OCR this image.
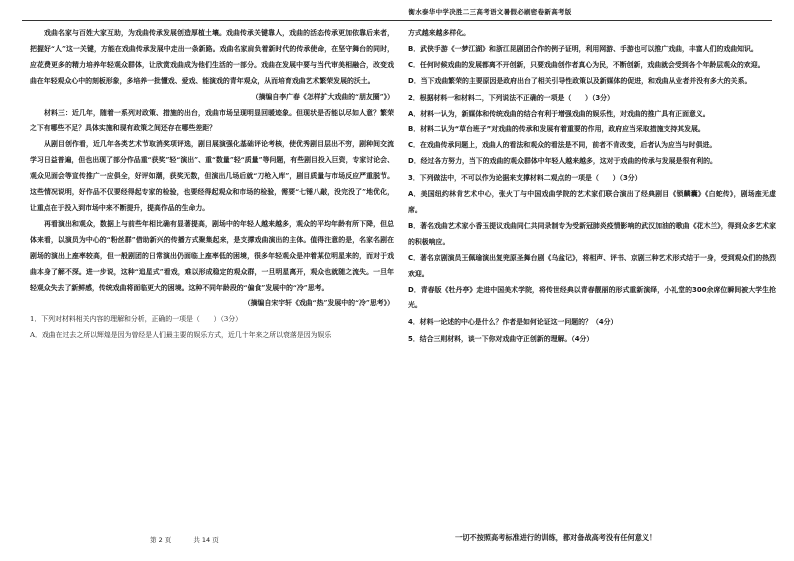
衡水泰华中学决胜二三高考语文暑假必刷密卷新高考版

戏曲名家与百姓大家互助，为戏曲传承发展创造厚植土壤。戏曲传承关键靠人，戏曲的活态传承更加依靠后来者，把握好“人”这一关键，方能在戏曲传承发展中走出一条新路。戏曲名家肩负着新时代的传承使命，在坚守舞台的同时，应花费更多的精力培养年轻观众群体，让欣赏戏曲成为他们生活的一部分。戏曲在发展中要与当代审美相融合，改变戏曲在年轻观众心中的刻板形象，多培养一批懂戏、爱戏、能演戏的青年观众，从而培育戏曲艺术繁荣发展的沃土。

（摘编自李广春《怎样扩大戏曲的“朋友圈”》）

材料三：近几年，随着一系列对政策、措施的出台，戏曲市场呈现明显回暖迹象。但现状是否能以尽如人意？繁荣之下有哪些不足？具体实施和现有政策之间还存在哪些差距？

从剧目创作看，近几年各类艺术节取消奖项评选，剧目展演强化基础评论考核，使优秀剧目层出不穷，剧种间交流学习日益普遍，但也出现了部分作品重“获奖”轻“演出”、重“数量”轻“质量”等问题，有些剧目投入巨资，专家讨论会、观众见面会等宣传推广一应俱全，好评如潮，获奖无数，但演出几场后就“刀枪入库”，剧目质量与市场反应严重脱节。这些情况说明，好作品不仅要经得起专家的检验，也要经得起观众和市场的检验，需要“七锤八敲，没完没了”地优化，让重点在于投入到市场中来不断提升，提高作品的生命力。

再看演出和观众，数据上与前些年相比确有显著提高，剧场中的年轻人越来越多，观众的平均年龄有所下降，但总体来看，以演员为中心的“粉丝群”借助新兴的传播方式聚集起来，是支撑戏曲演出的主体。值得注意的是，名家名剧在剧场的演出上座率较高，但一般剧团的日常演出仍面临上座率低的困境，很多年轻观众是冲着某位明星来的，而对于戏曲本身了解不深。进一步说，这种“追星式”看戏，难以形成稳定的观众群，一旦明星离开，观众也就随之流失。一旦年轻观众失去了新鲜感，传统戏曲将面临更大的困境。这种不同年龄段的“偏食”发展中的“冷”思考。

（摘编自宋宇轩《戏曲“热”发展中的“冷”思考》）

1．下列对材料相关内容的理解和分析，正确的一项是（　　）（3分）

A．戏曲在过去之所以辉煌是因为曾经是人们最主要的娱乐方式，近几十年来之所以衰落是因为娱乐

方式越来越多样化。

B．武侠手游《一梦江湖》和浙江昆剧团合作的例子证明，利用网游、手游也可以推广戏曲，丰富人们的戏曲知识。

C．任何时候戏曲的发展都离不开创新，只要戏曲创作者真心为民，不断创新，戏曲就会受到各个年龄层观众的欢迎。

D．当下戏曲繁荣的主要原因是政府出台了相关引导性政策以及新媒体的促进，和戏曲从业者并没有多大的关系。

2．根据材料一和材料二，下列说法不正确的一项是（　　）（3分）

A．材料一认为，新媒体和传统戏曲的结合有利于增强戏曲的娱乐性，对戏曲的推广具有正面意义。

B．材料二认为“草台班子”对戏曲的传承和发展有着重要的作用，政府应当采取措施支持其发展。

C．在戏曲传承问题上，戏曲人的看法和观众的看法是不同，前者不肯改变，后者认为应当与时俱进。

D．经过各方努力，当下的戏曲的观众群体中年轻人越来越多，这对于戏曲的传承与发展是很有利的。

3．下列做法中，不可以作为论据来支撑材料二观点的一项是（　　）（3分）

A．美国纽约林肯艺术中心，张火丁与中国戏曲学院的艺术家们联合演出了经典剧目《锁麟囊》《白蛇传》，剧场座无虚席。

B．著名戏曲艺术家小香玉提议戏曲同仁共同录制专为受新冠肺炎疫情影响的武汉加油的歌曲《花木兰》，得到众多艺术家的积极响应。

C．著名京剧演员王佩瑜演出复兜原圣舞台剧《乌盆记》，将相声、评书、京剧三种艺术形式结于一身，受到观众们的热烈欢迎。

D．青春版《牡丹亭》走进中国美术学院，将传世经典以青春靓丽的形式重新演绎，小礼堂的300余席位瞬间被大学生抢光。

4．材料一论述的中心是什么？作者是如何论证这一问题的？（4分）

5．结合三则材料，谈一下你对戏曲守正创新的理解。（4分）

第 2 页	共 14 页	一切不按照高考标准进行的训练，都对备战高考没有任何意义！
